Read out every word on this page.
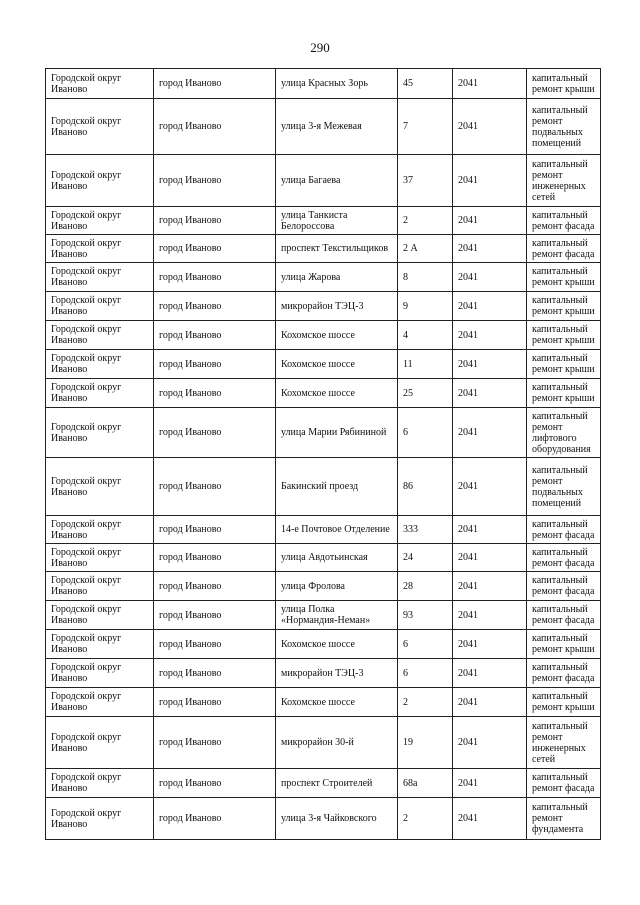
290
Городской округ Иваново	город Иваново	улица Красных Зорь	45	2041	капитальный ремонт крыши
Городской округ Иваново	город Иваново	улица 3-я Межевая	7	2041	капитальный ремонт подвальных помещений
Городской округ Иваново	город Иваново	улица Багаева	37	2041	капитальный ремонт инженерных сетей
Городской округ Иваново	город Иваново	улица Танкиста Белороссова	2	2041	капитальный ремонт фасада
Городской округ Иваново	город Иваново	проспект Текстильщиков	2 А	2041	капитальный ремонт фасада
Городской округ Иваново	город Иваново	улица Жарова	8	2041	капитальный ремонт крыши
Городской округ Иваново	город Иваново	микрорайон ТЭЦ-3	9	2041	капитальный ремонт крыши
Городской округ Иваново	город Иваново	Кохомское шоссе	4	2041	капитальный ремонт крыши
Городской округ Иваново	город Иваново	Кохомское шоссе	11	2041	капитальный ремонт крыши
Городской округ Иваново	город Иваново	Кохомское шоссе	25	2041	капитальный ремонт крыши
Городской округ Иваново	город Иваново	улица Марии Рябининой	6	2041	капитальный ремонт лифтового оборудования
Городской округ Иваново	город Иваново	Бакинский проезд	86	2041	капитальный ремонт подвальных помещений
Городской округ Иваново	город Иваново	14-е Почтовое Отделение	333	2041	капитальный ремонт фасада
Городской округ Иваново	город Иваново	улица Авдотьинская	24	2041	капитальный ремонт фасада
Городской округ Иваново	город Иваново	улица Фролова	28	2041	капитальный ремонт фасада
Городской округ Иваново	город Иваново	улица Полка «Нормандия-Неман»	93	2041	капитальный ремонт фасада
Городской округ Иваново	город Иваново	Кохомское шоссе	6	2041	капитальный ремонт крыши
Городской округ Иваново	город Иваново	микрорайон ТЭЦ-3	6	2041	капитальный ремонт фасада
Городской округ Иваново	город Иваново	Кохомское шоссе	2	2041	капитальный ремонт крыши
Городской округ Иваново	город Иваново	микрорайон 30-й	19	2041	капитальный ремонт инженерных сетей
Городской округ Иваново	город Иваново	проспект Строителей	68а	2041	капитальный ремонт фасада
Городской округ Иваново	город Иваново	улица 3-я Чайковского	2	2041	капитальный ремонт фундамента
